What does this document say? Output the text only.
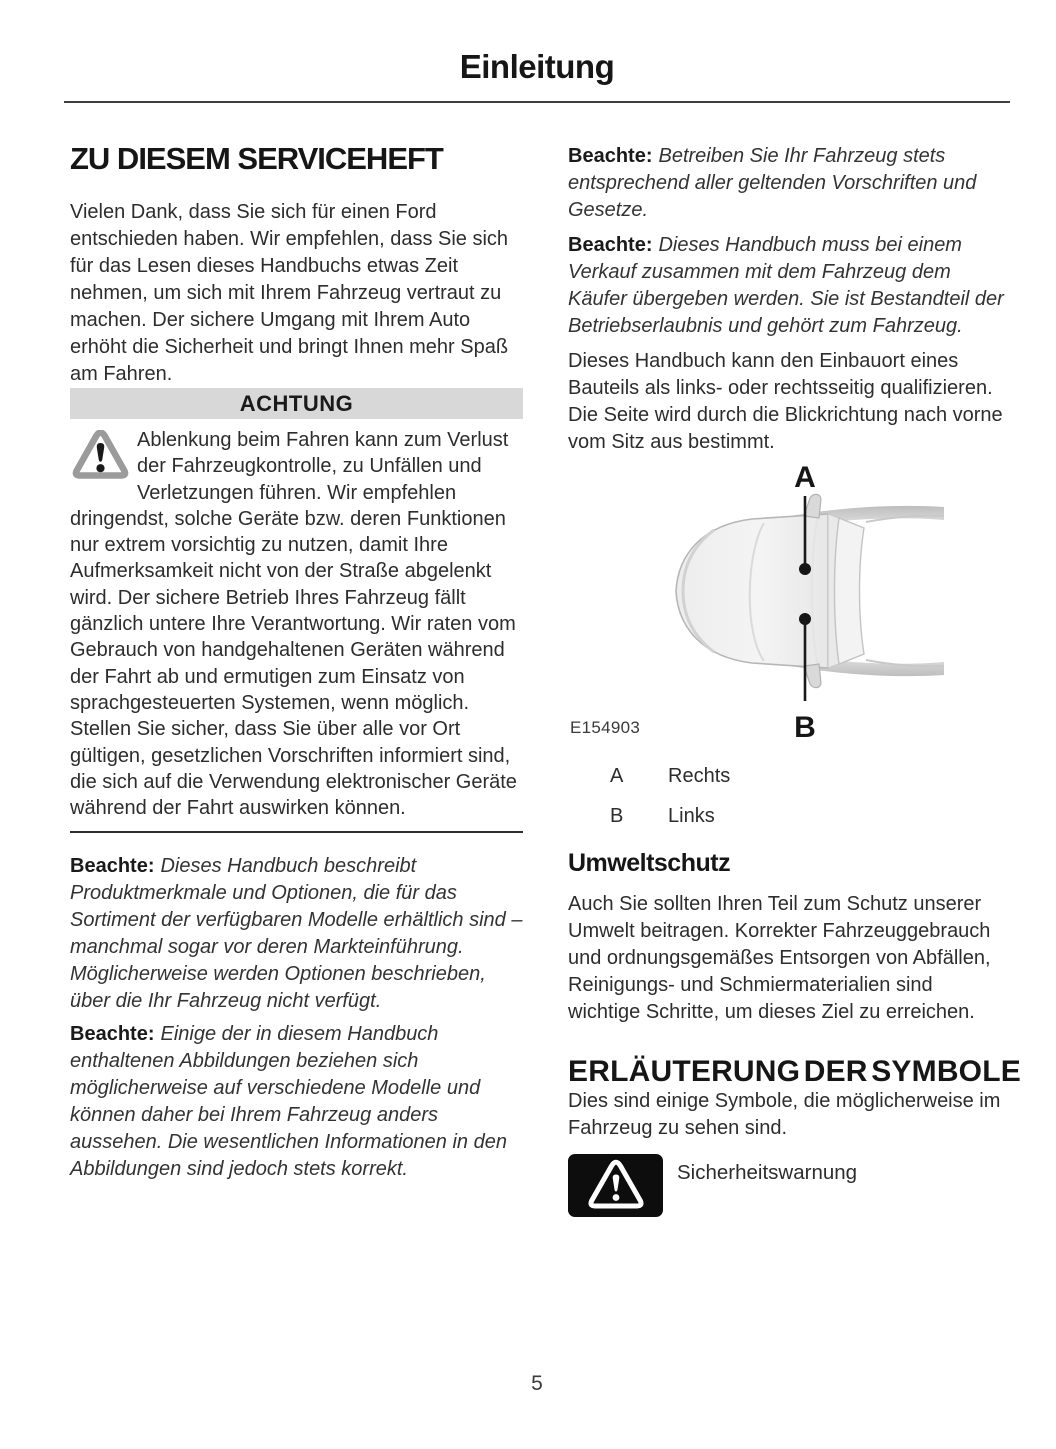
Einleitung
ZU DIESEM SERVICEHEFT

Vielen Dank, dass Sie sich für einen Ford entschieden haben. Wir empfehlen, dass Sie sich für das Lesen dieses Handbuchs etwas Zeit nehmen, um sich mit Ihrem Fahrzeug vertraut zu machen. Der sichere Umgang mit Ihrem Auto erhöht die Sicherheit und bringt Ihnen mehr Spaß am Fahren.

ACHTUNG
Ablenkung beim Fahren kann zum Verlust der Fahrzeugkontrolle, zu Unfällen und Verletzungen führen. Wir empfehlen dringendst, solche Geräte bzw. deren Funktionen nur extrem vorsichtig zu nutzen, damit Ihre Aufmerksamkeit nicht von der Straße abgelenkt wird. Der sichere Betrieb Ihres Fahrzeug fällt gänzlich untere Ihre Verantwortung. Wir raten vom Gebrauch von handgehaltenen Geräten während der Fahrt ab und ermutigen zum Einsatz von sprachgesteuerten Systemen, wenn möglich. Stellen Sie sicher, dass Sie über alle vor Ort gültigen, gesetzlichen Vorschriften informiert sind, die sich auf die Verwendung elektronischer Geräte während der Fahrt auswirken können.

Beachte: Dieses Handbuch beschreibt Produktmerkmale und Optionen, die für das Sortiment der verfügbaren Modelle erhältlich sind – manchmal sogar vor deren Markteinführung. Möglicherweise werden Optionen beschrieben, über die Ihr Fahrzeug nicht verfügt.

Beachte: Einige der in diesem Handbuch enthaltenen Abbildungen beziehen sich möglicherweise auf verschiedene Modelle und können daher bei Ihrem Fahrzeug anders aussehen. Die wesentlichen Informationen in den Abbildungen sind jedoch stets korrekt.

Beachte: Betreiben Sie Ihr Fahrzeug stets entsprechend aller geltenden Vorschriften und Gesetze.

Beachte: Dieses Handbuch muss bei einem Verkauf zusammen mit dem Fahrzeug dem Käufer übergeben werden. Sie ist Bestandteil der Betriebserlaubnis und gehört zum Fahrzeug.

Dieses Handbuch kann den Einbauort eines Bauteils als links- oder rechtsseitig qualifizieren. Die Seite wird durch die Blickrichtung nach vorne vom Sitz aus bestimmt.

A
B
E154903
A	Rechts
B	Links
Umweltschutz

Auch Sie sollten Ihren Teil zum Schutz unserer Umwelt beitragen. Korrekter Fahrzeuggebrauch und ordnungsgemäßes Entsorgen von Abfällen, Reinigungs- und Schmiermaterialien sind wichtige Schritte, um dieses Ziel zu erreichen.

ERLÄUTERUNG DER SYMBOLE

Dies sind einige Symbole, die möglicherweise im Fahrzeug zu sehen sind.

Sicherheitswarnung
5
